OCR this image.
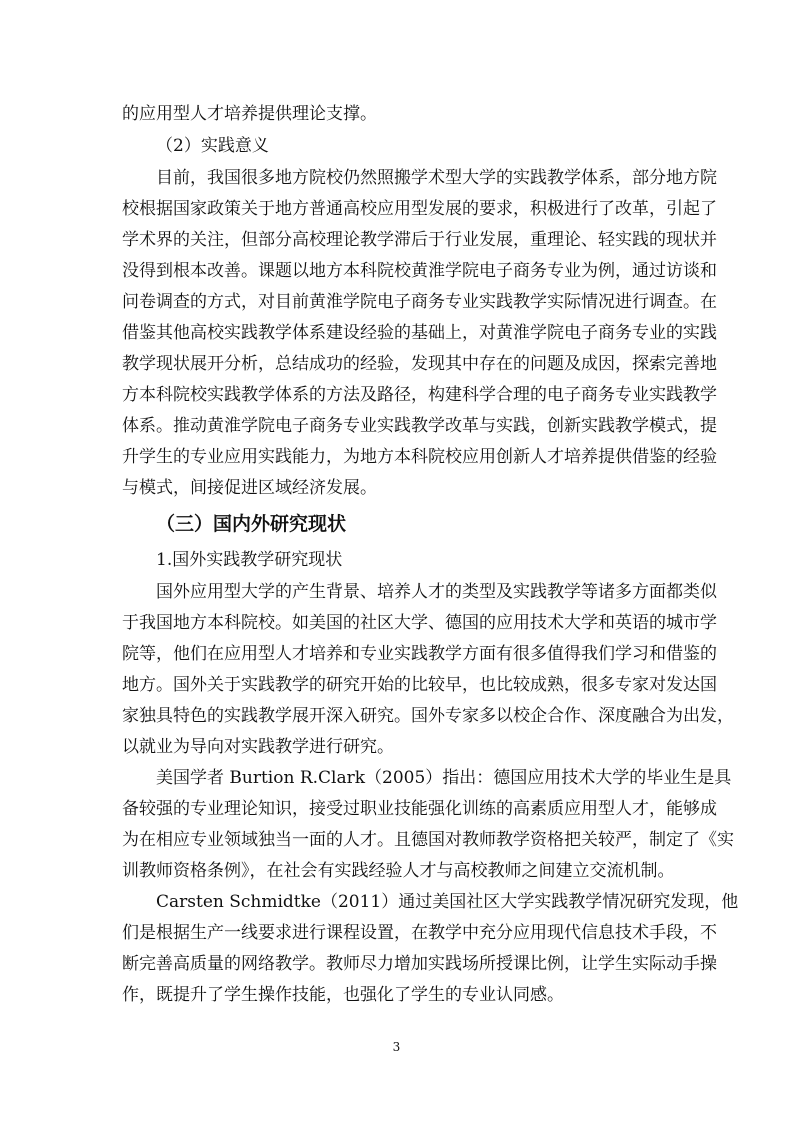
的应用型人才培养提供理论支撑。

（2）实践意义

目前，我国很多地方院校仍然照搬学术型大学的实践教学体系，部分地方院

校根据国家政策关于地方普通高校应用型发展的要求，积极进行了改革，引起了

学术界的关注，但部分高校理论教学滞后于行业发展，重理论、轻实践的现状并

没得到根本改善。课题以地方本科院校黄淮学院电子商务专业为例，通过访谈和

问卷调查的方式，对目前黄淮学院电子商务专业实践教学实际情况进行调查。在

借鉴其他高校实践教学体系建设经验的基础上，对黄淮学院电子商务专业的实践

教学现状展开分析，总结成功的经验，发现其中存在的问题及成因，探索完善地

方本科院校实践教学体系的方法及路径，构建科学合理的电子商务专业实践教学

体系。推动黄淮学院电子商务专业实践教学改革与实践，创新实践教学模式，提

升学生的专业应用实践能力，为地方本科院校应用创新人才培养提供借鉴的经验

与模式，间接促进区域经济发展。

（三）国内外研究现状

1.国外实践教学研究现状

国外应用型大学的产生背景、培养人才的类型及实践教学等诸多方面都类似

于我国地方本科院校。如美国的社区大学、德国的应用技术大学和英语的城市学

院等，他们在应用型人才培养和专业实践教学方面有很多值得我们学习和借鉴的

地方。国外关于实践教学的研究开始的比较早，也比较成熟，很多专家对发达国

家独具特色的实践教学展开深入研究。国外专家多以校企合作、深度融合为出发，

以就业为导向对实践教学进行研究。

美国学者 Burtion R.Clark（2005）指出：德国应用技术大学的毕业生是具

备较强的专业理论知识，接受过职业技能强化训练的高素质应用型人才，能够成

为在相应专业领域独当一面的人才。且德国对教师教学资格把关较严，制定了《实

训教师资格条例》，在社会有实践经验人才与高校教师之间建立交流机制。

Carsten Schmidtke（2011）通过美国社区大学实践教学情况研究发现，他

们是根据生产一线要求进行课程设置，在教学中充分应用现代信息技术手段，不

断完善高质量的网络教学。教师尽力增加实践场所授课比例，让学生实际动手操

作，既提升了学生操作技能，也强化了学生的专业认同感。

3
